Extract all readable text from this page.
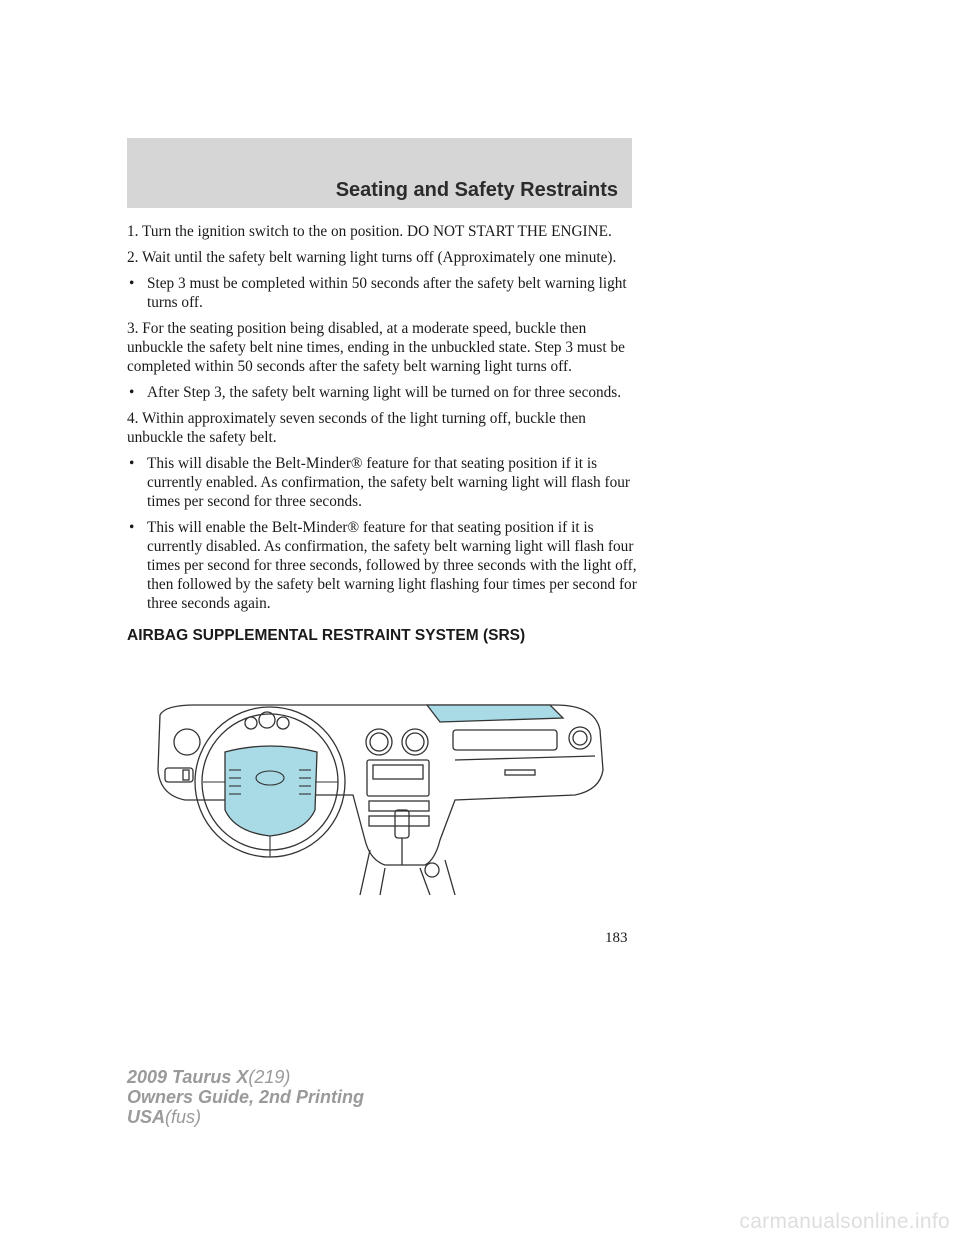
Seating and Safety Restraints

1. Turn the ignition switch to the on position. DO NOT START THE ENGINE.

2. Wait until the safety belt warning light turns off (Approximately one minute).

• Step 3 must be completed within 50 seconds after the safety belt warning light turns off.

3. For the seating position being disabled, at a moderate speed, buckle then unbuckle the safety belt nine times, ending in the unbuckled state. Step 3 must be completed within 50 seconds after the safety belt warning light turns off.

• After Step 3, the safety belt warning light will be turned on for three seconds.

4. Within approximately seven seconds of the light turning off, buckle then unbuckle the safety belt.

• This will disable the Belt-Minder® feature for that seating position if it is currently enabled. As confirmation, the safety belt warning light will flash four times per second for three seconds.
• This will enable the Belt-Minder® feature for that seating position if it is currently disabled. As confirmation, the safety belt warning light will flash four times per second for three seconds, followed by three seconds with the light off, then followed by the safety belt warning light flashing four times per second for three seconds again.
AIRBAG SUPPLEMENTAL RESTRAINT SYSTEM (SRS)
183
2009 Taurus X(219)
Owners Guide, 2nd Printing
USA(fus)
carmanualsonline.info
